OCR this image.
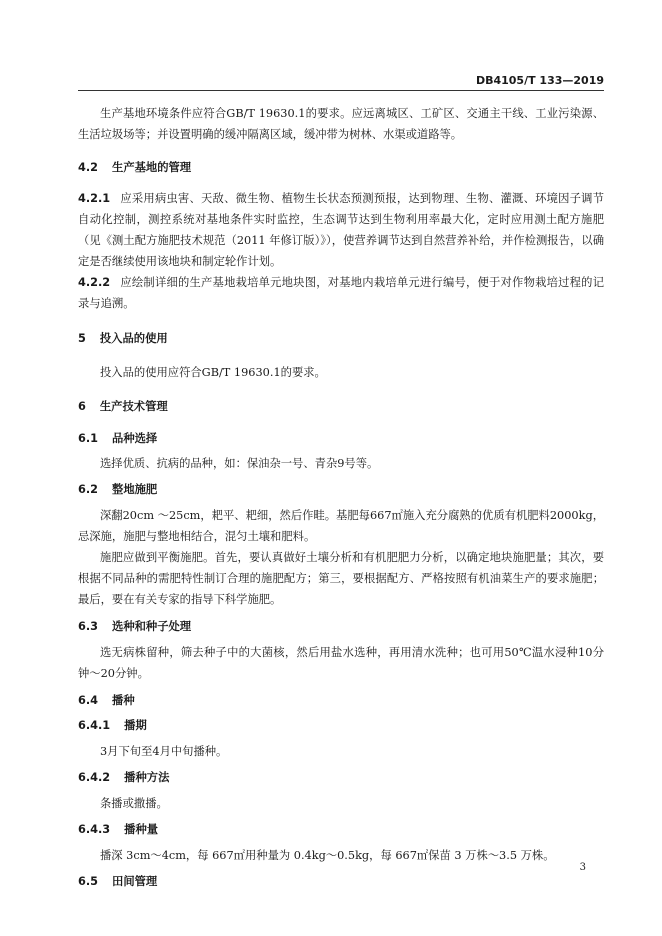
DB4105/T 133—2019

生产基地环境条件应符合GB/T 19630.1的要求。应远离城区、工矿区、交通主干线、工业污染源、生活垃圾场等；并设置明确的缓冲隔离区域，缓冲带为树林、水渠或道路等。

4.2 生产基地的管理

4.2.1 应采用病虫害、天敌、微生物、植物生长状态预测预报，达到物理、生物、灌溉、环境因子调节自动化控制，测控系统对基地条件实时监控，生态调节达到生物利用率最大化，定时应用测土配方施肥（见《测土配方施肥技术规范（2011 年修订版）》），使营养调节达到自然营养补给，并作检测报告，以确定是否继续使用该地块和制定轮作计划。

4.2.2 应绘制详细的生产基地栽培单元地块图，对基地内栽培单元进行编号，便于对作物栽培过程的记录与追溯。

5 投入品的使用

投入品的使用应符合GB/T 19630.1的要求。

6 生产技术管理

6.1 品种选择

选择优质、抗病的品种，如：保油杂一号、青杂9号等。

6.2 整地施肥

深翻20cm ～25cm，耙平、耙细，然后作畦。基肥每667㎡施入充分腐熟的优质有机肥料2000kg，忌深施，施肥与整地相结合，混匀土壤和肥料。

施肥应做到平衡施肥。首先，要认真做好土壤分析和有机肥肥力分析，以确定地块施肥量；其次，要根据不同品种的需肥特性制订合理的施肥配方；第三，要根据配方、严格按照有机油菜生产的要求施肥；最后，要在有关专家的指导下科学施肥。

6.3 选种和种子处理

选无病株留种，筛去种子中的大菌核，然后用盐水选种，再用清水洗种；也可用50℃温水浸种10分钟～20分钟。

6.4 播种

6.4.1 播期

3月下旬至4月中旬播种。

6.4.2 播种方法

条播或撒播。

6.4.3 播种量

播深 3cm～4cm，每 667㎡用种量为 0.4kg～0.5kg，每 667㎡保苗 3 万株～3.5 万株。

6.5 田间管理

3
